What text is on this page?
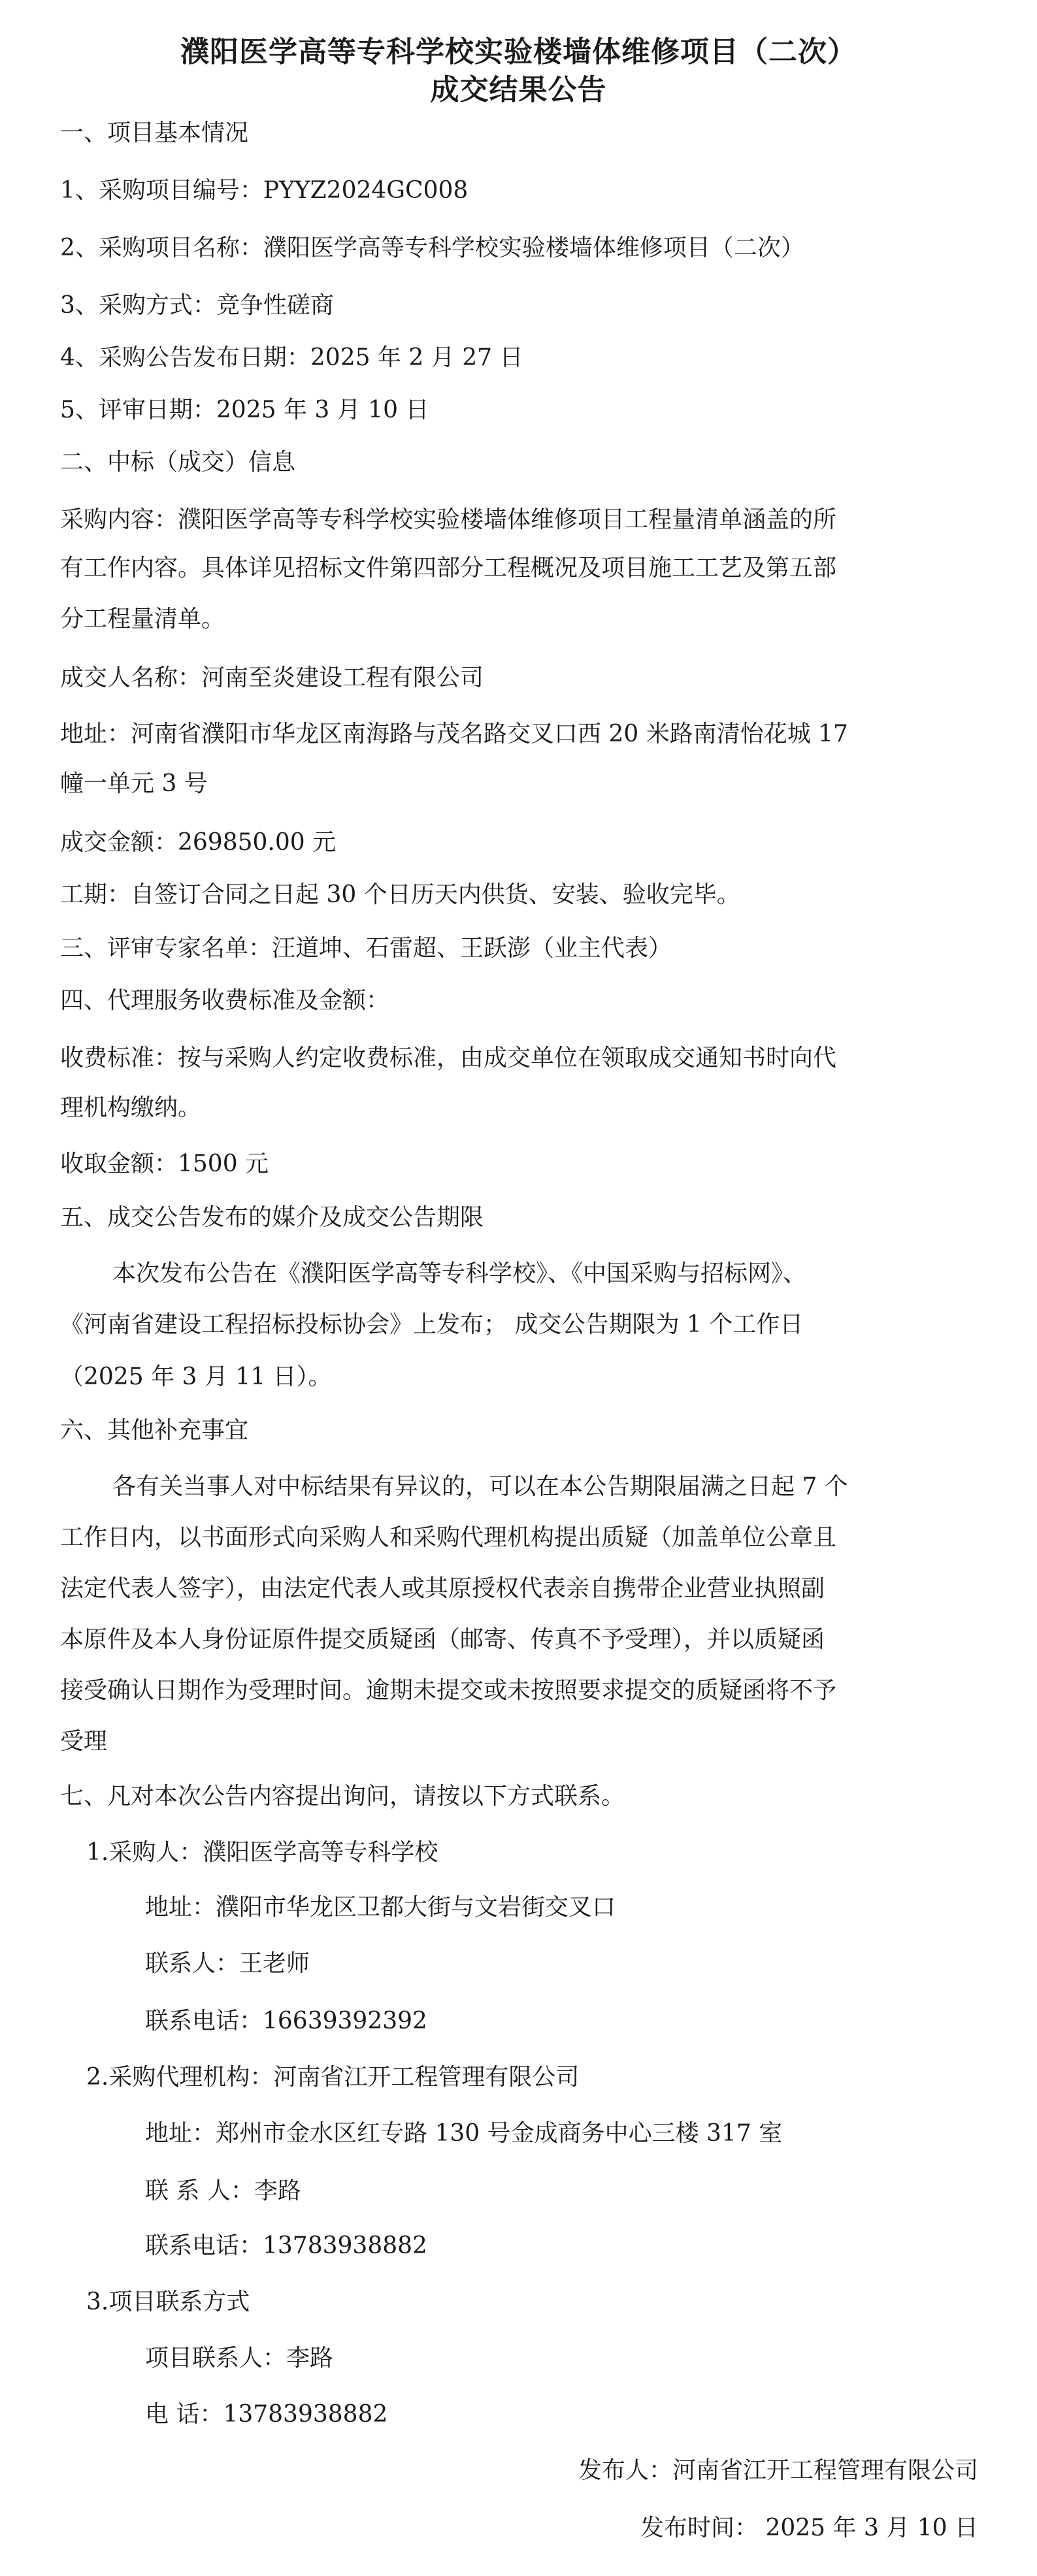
濮阳医学高等专科学校实验楼墙体维修项目（二次）
成交结果公告
一、项目基本情况
1、采购项目编号：PYYZ2024GC008
2、采购项目名称：濮阳医学高等专科学校实验楼墙体维修项目（二次）
3、采购方式：竞争性磋商
4、采购公告发布日期：2025 年 2 月 27 日
5、评审日期：2025 年 3 月 10 日
二、中标（成交）信息
采购内容：濮阳医学高等专科学校实验楼墙体维修项目工程量清单涵盖的所
有工作内容。具体详见招标文件第四部分工程概况及项目施工工艺及第五部
分工程量清单。
成交人名称：河南至炎建设工程有限公司
地址：河南省濮阳市华龙区南海路与茂名路交叉口西 20 米路南清怡花城 17
幢一单元 3 号
成交金额：269850.00 元
工期：自签订合同之日起 30 个日历天内供货、安装、验收完毕。
三、评审专家名单：汪道坤、石雷超、王跃澎（业主代表）
四、代理服务收费标准及金额：
收费标准：按与采购人约定收费标准，由成交单位在领取成交通知书时向代
理机构缴纳。
收取金额：1500 元
五、成交公告发布的媒介及成交公告期限
本次发布公告在《濮阳医学高等专科学校》、《中国采购与招标网》、
《河南省建设工程招标投标协会》上发布； 成交公告期限为 1 个工作日
（2025 年 3 月 11 日）。
六、其他补充事宜
各有关当事人对中标结果有异议的，可以在本公告期限届满之日起 7 个
工作日内，以书面形式向采购人和采购代理机构提出质疑（加盖单位公章且
法定代表人签字），由法定代表人或其原授权代表亲自携带企业营业执照副
本原件及本人身份证原件提交质疑函（邮寄、传真不予受理），并以质疑函
接受确认日期作为受理时间。逾期未提交或未按照要求提交的质疑函将不予
受理
七、凡对本次公告内容提出询问，请按以下方式联系。
1.采购人：濮阳医学高等专科学校
地址：濮阳市华龙区卫都大街与文岩街交叉口
联系人：王老师
联系电话：16639392392
2.采购代理机构：河南省江开工程管理有限公司
地址：郑州市金水区红专路 130 号金成商务中心三楼 317 室
联 系 人：李路
联系电话：13783938882
3.项目联系方式
项目联系人：李路
电 话：13783938882
发布人：河南省江开工程管理有限公司
发布时间： 2025 年 3 月 10 日
